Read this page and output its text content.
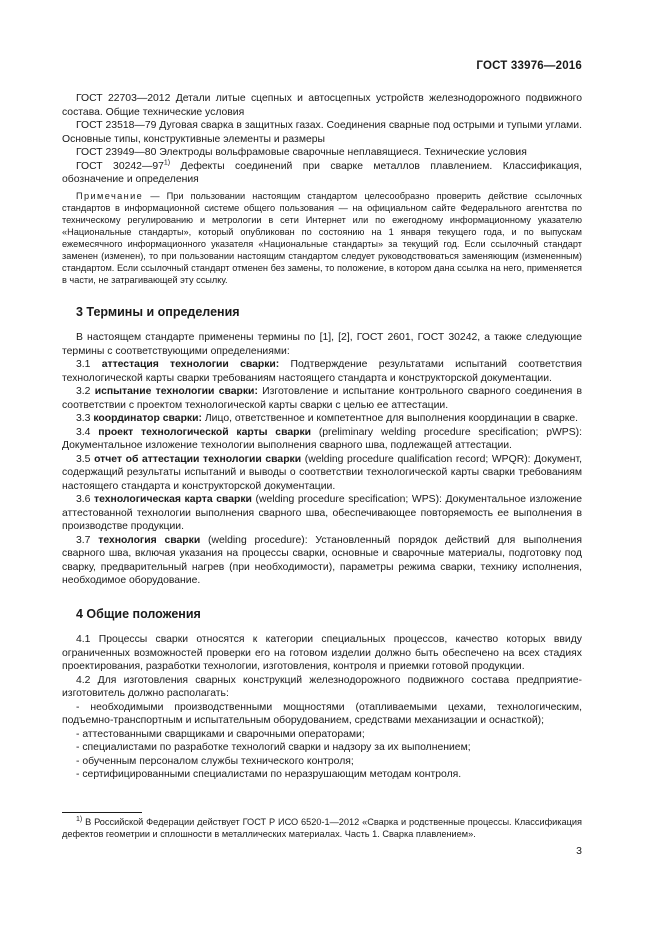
ГОСТ 33976—2016

ГОСТ 22703—2012 Детали литые сцепных и автосцепных устройств железнодорожного подвижного состава. Общие технические условия

ГОСТ 23518—79 Дуговая сварка в защитных газах. Соединения сварные под острыми и тупыми углами. Основные типы, конструктивные элементы и размеры

ГОСТ 23949—80 Электроды вольфрамовые сварочные неплавящиеся. Технические условия

ГОСТ 30242—97$^{1)}$ Дефекты соединений при сварке металлов плавлением. Классификация, обозначение и определения

Примечание — При пользовании настоящим стандартом целесообразно проверить действие ссылочных стандартов в информационной системе общего пользования — на официальном сайте Федерального агентства по техническому регулированию и метрологии в сети Интернет или по ежегодному информационному указателю «Национальные стандарты», который опубликован по состоянию на 1 января текущего года, и по выпускам ежемесячного информационного указателя «Национальные стандарты» за текущий год. Если ссылочный стандарт заменен (изменен), то при пользовании настоящим стандартом следует руководствоваться заменяющим (измененным) стандартом. Если ссылочный стандарт отменен без замены, то положение, в котором дана ссылка на него, применяется в части, не затрагивающей эту ссылку.

3 Термины и определения

В настоящем стандарте применены термины по [1], [2], ГОСТ 2601, ГОСТ 30242, а также следующие термины с соответствующими определениями:

3.1 аттестация технологии сварки: Подтверждение результатами испытаний соответствия технологической карты сварки требованиям настоящего стандарта и конструкторской документации.

3.2 испытание технологии сварки: Изготовление и испытание контрольного сварного соединения в соответствии с проектом технологической карты сварки с целью ее аттестации.

3.3 координатор сварки: Лицо, ответственное и компетентное для выполнения координации в сварке.

3.4 проект технологической карты сварки (preliminary welding procedure specification; pWPS): Документальное изложение технологии выполнения сварного шва, подлежащей аттестации.

3.5 отчет об аттестации технологии сварки (welding procedure qualification record; WPQR): Документ, содержащий результаты испытаний и выводы о соответствии технологической карты сварки требованиям настоящего стандарта и конструкторской документации.

3.6 технологическая карта сварки (welding procedure specification; WPS): Документальное изложение аттестованной технологии выполнения сварного шва, обеспечивающее повторяемость ее выполнения в производстве продукции.

3.7 технология сварки (welding procedure): Установленный порядок действий для выполнения сварного шва, включая указания на процессы сварки, основные и сварочные материалы, подготовку под сварку, предварительный нагрев (при необходимости), параметры режима сварки, технику исполнения, необходимое оборудование.

4 Общие положения

4.1 Процессы сварки относятся к категории специальных процессов, качество которых ввиду ограниченных возможностей проверки его на готовом изделии должно быть обеспечено на всех стадиях проектирования, разработки технологии, изготовления, контроля и приемки готовой продукции.

4.2 Для изготовления сварных конструкций железнодорожного подвижного состава предприятие-изготовитель должно располагать:

- необходимыми производственными мощностями (отапливаемыми цехами, технологическим, подъемно-транспортным и испытательным оборудованием, средствами механизации и оснасткой);

- аттестованными сварщиками и сварочными операторами;

- специалистами по разработке технологий сварки и надзору за их выполнением;

- обученным персоналом службы технического контроля;

- сертифицированными специалистами по неразрушающим методам контроля.

$^{1)}$ В Российской Федерации действует ГОСТ Р ИСО 6520-1—2012 «Сварка и родственные процессы. Классификация дефектов геометрии и сплошности в металлических материалах. Часть 1. Сварка плавлением».

3
